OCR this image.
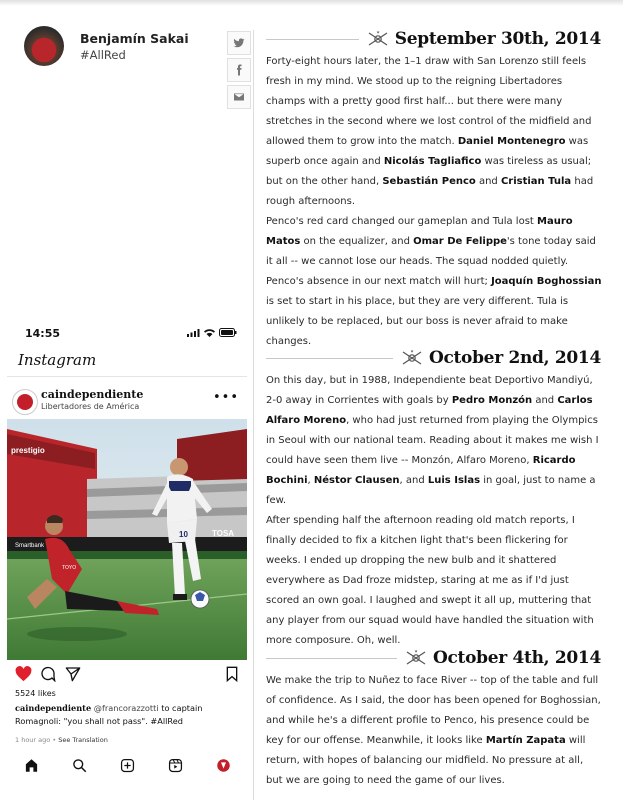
Benjamín Sakai
#AllRed
★ September 30th, 2014

Forty-eight hours later, the 1–1 draw with San Lorenzo still feels fresh in my mind. We stood up to the reigning Libertadores champs with a pretty good first half... but there were many stretches in the second where we lost control of the midfield and allowed them to grow into the match. Daniel Montenegro was superb once again and Nicolás Tagliafico was tireless as usual; but on the other hand, Sebastián Penco and Cristian Tula had rough afternoons.

Penco's red card changed our gameplan and Tula lost Mauro Matos on the equalizer, and Omar De Felippe's tone today said it all -- we cannot lose our heads. The squad nodded quietly. Penco's absence in our next match will hurt; Joaquín Boghossian is set to start in his place, but they are very different. Tula is unlikely to be replaced, but our boss is never afraid to make changes.

★ October 2nd, 2014

On this day, but in 1988, Independiente beat Deportivo Mandiyú, 2-0 away in Corrientes with goals by Pedro Monzón and Carlos Alfaro Moreno, who had just returned from playing the Olympics in Seoul with our national team. Reading about it makes me wish I could have seen them live -- Monzón, Alfaro Moreno, Ricardo Bochini, Néstor Clausen, and Luis Islas in goal, just to name a few.

After spending half the afternoon reading old match reports, I finally decided to fix a kitchen light that's been flickering for weeks. I ended up dropping the new bulb and it shattered everywhere as Dad froze midstep, staring at me as if I'd just scored an own goal. I laughed and swept it all up, muttering that any player from our squad would have handled the situation with more composure. Oh, well.

★ October 4th, 2014

We make the trip to Nuñez to face River -- top of the table and full of confidence. As I said, the door has been opened for Boghossian, and while he's a different profile to Penco, his presence could be key for our offense. Meanwhile, it looks like Martín Zapata will return, with hopes of balancing our midfield. No pressure at all, but we are going to need the game of our lives.

14:55
Instagram
caindependiente
Libertadores de América
•••
prestigio
Smartbank
TOSA
10
TOYO
5524 likes
caindependiente @francorazzotti to captain Romagnoli: "you shall not pass". #AllRed
1 hour ago • See Translation
